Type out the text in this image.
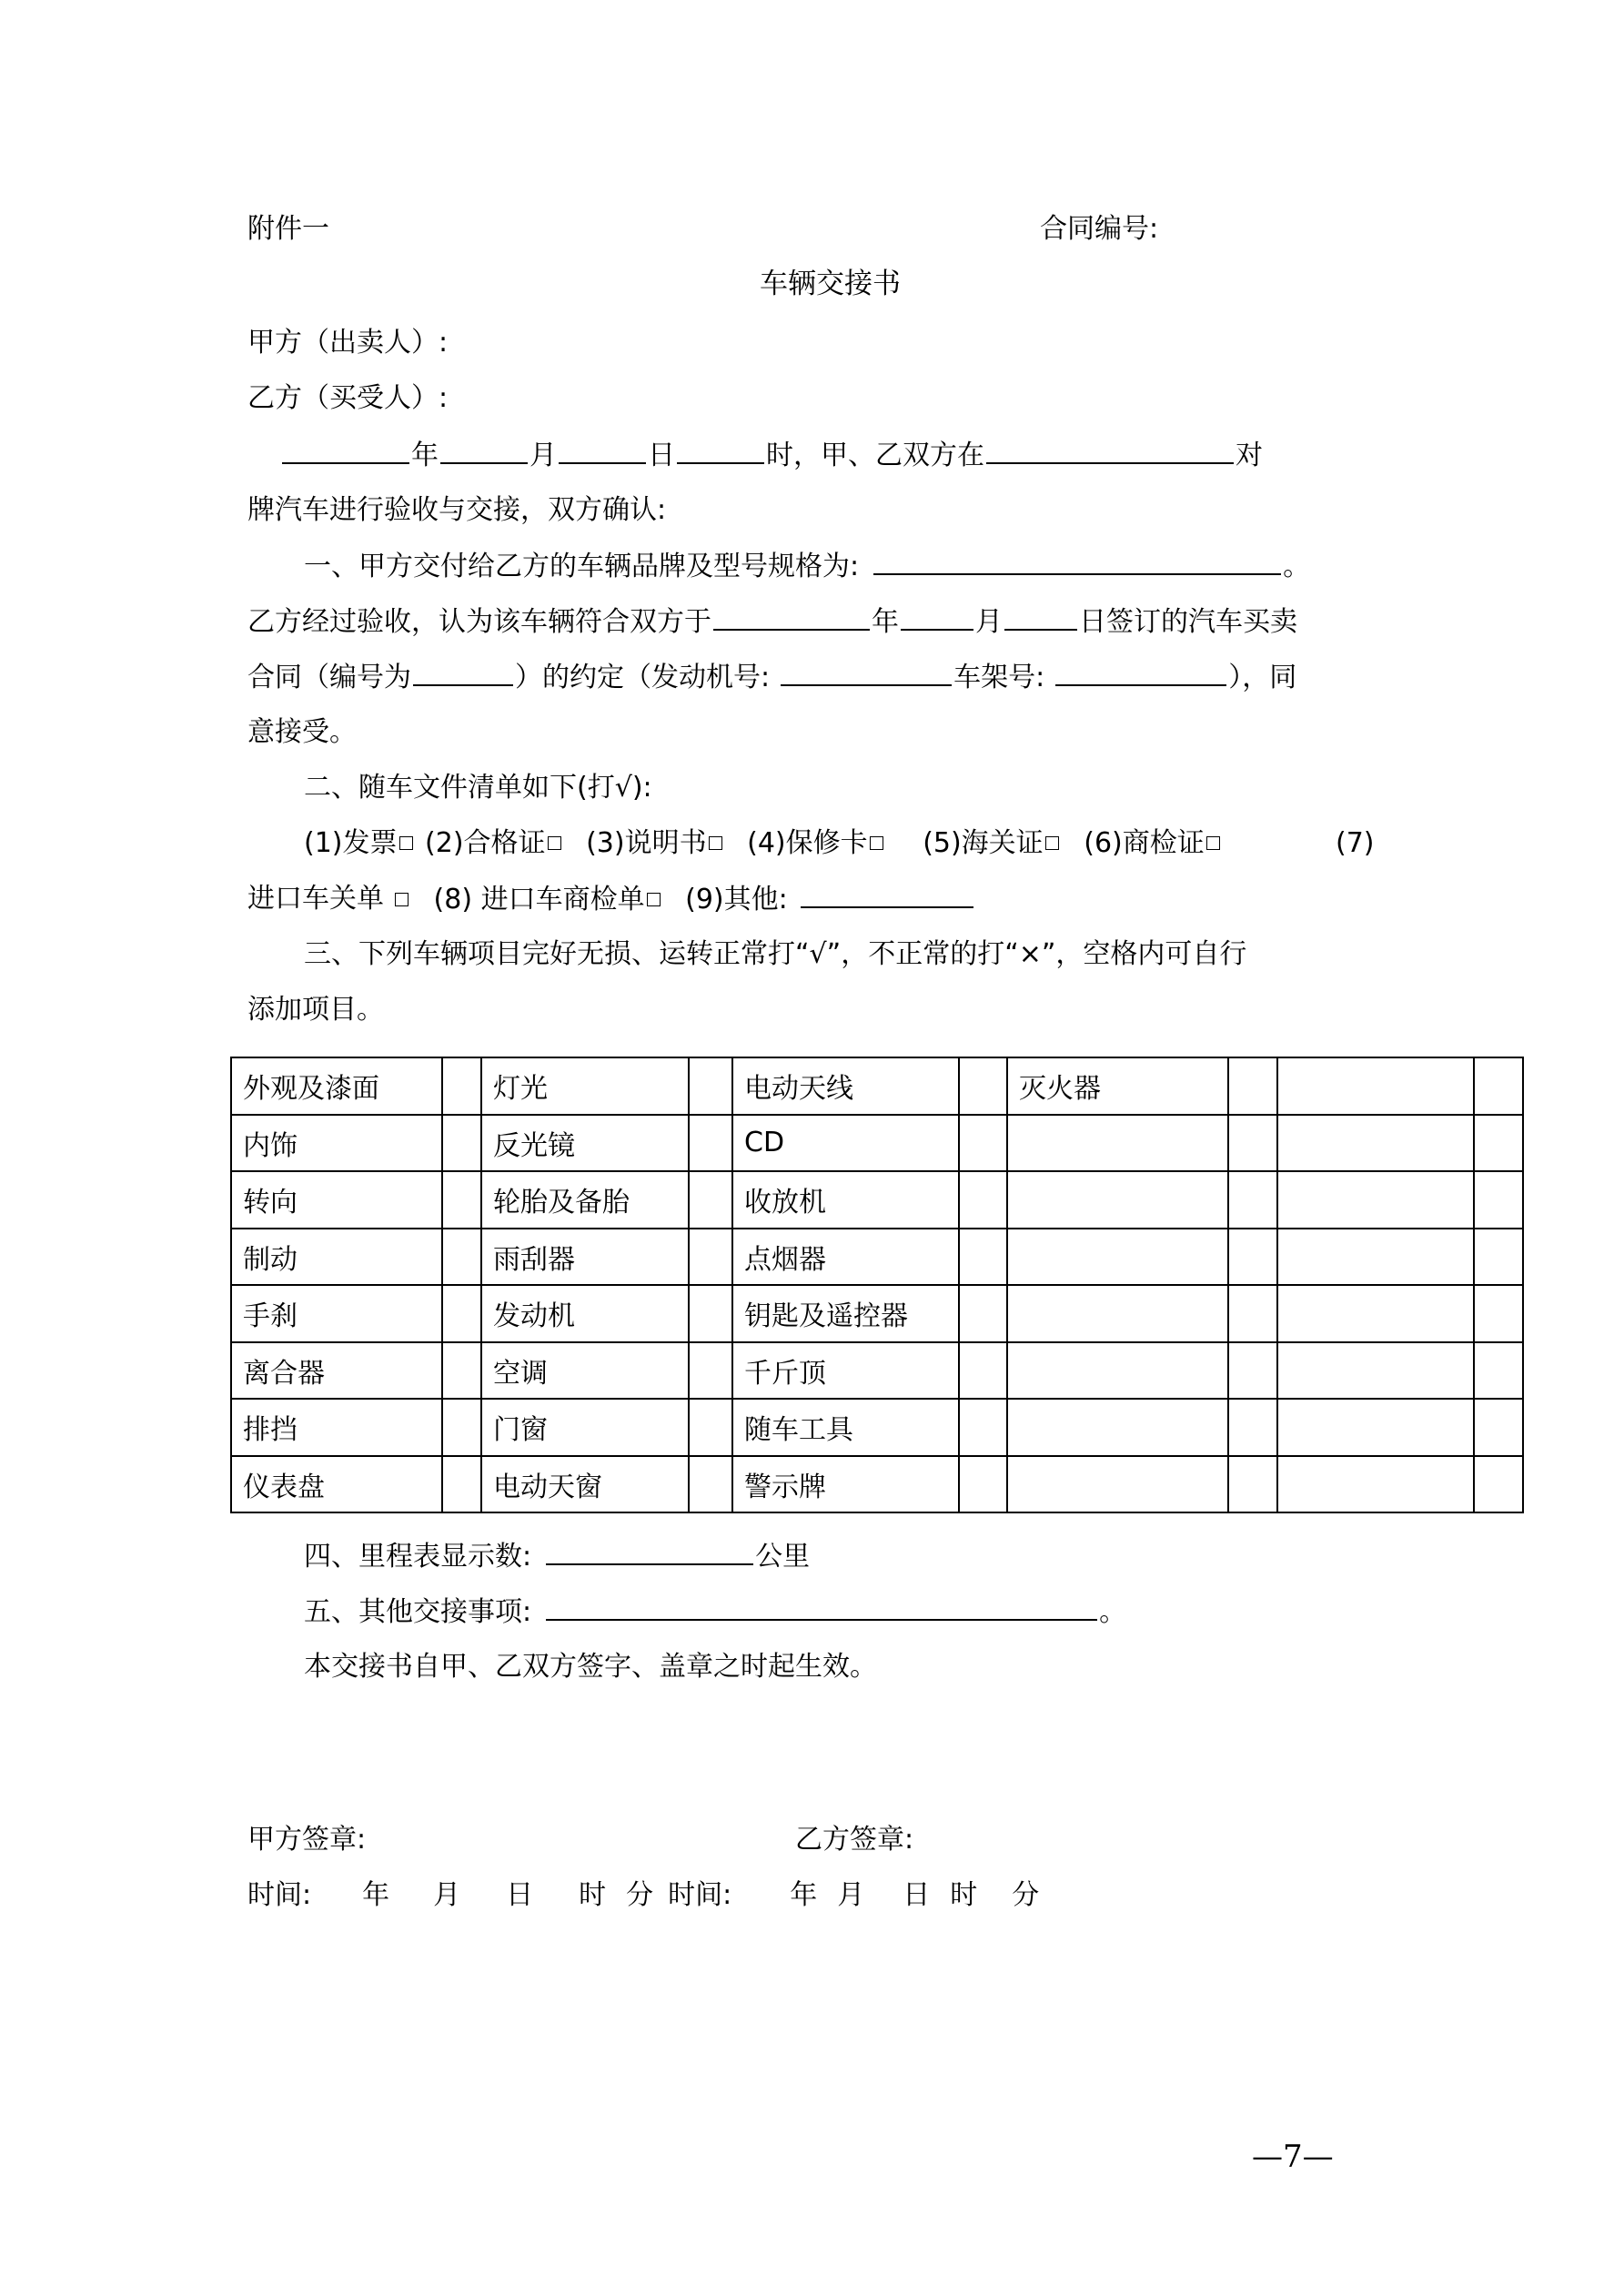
附件一	合同编号:
车辆交接书
甲方（出卖人）:
乙方（买受人）:
年	月	日	时，甲、乙双方在	对
牌汽车进行验收与交接，双方确认:
一、甲方交付给乙方的车辆品牌及型号规格为:	。
乙方经过验收，认为该车辆符合双方于	年	月	日签订的汽车买卖
合同（编号为	）的约定（发动机号:	车架号:	），同
意接受。
二、随车文件清单如下(打√):
(1)发票 (2)合格证 (3)说明书 (4)保修卡 (5)海关证 (6)商检证	(7)
进口车关单	(8) 进口车商检单 (9)其他:
三、下列车辆项目完好无损、运转正常打“√”，不正常的打“×”，空格内可自行
添加项目。
外观及漆面		灯光		电动天线		灭火器			
内饰		反光镜		CD					
转向		轮胎及备胎		收放机					
制动		雨刮器		点烟器					
手刹		发动机		钥匙及遥控器					
离合器		空调		千斤顶					
排挡		门窗		随车工具					
仪表盘		电动天窗		警示牌					
四、里程表显示数:	公里
五、其他交接事项:	。
本交接书自甲、乙双方签字、盖章之时起生效。
甲方签章:	乙方签章:
时间: 年 月 日 时 分 时间: 年 月 日 时 分
—7—
